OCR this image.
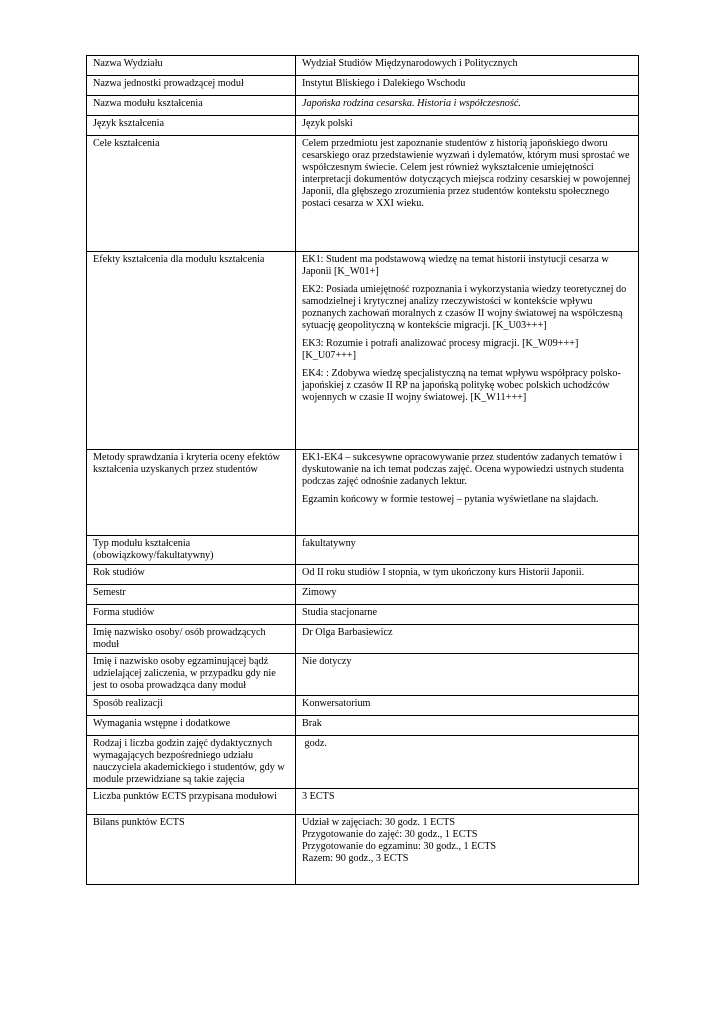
Nazwa Wydziału	Wydział Studiów Międzynarodowych i Politycznych
Nazwa jednostki prowadzącej moduł	Instytut Bliskiego i Dalekiego Wschodu
Nazwa modułu kształcenia	Japońska rodzina cesarska. Historia i współczesność.
Język kształcenia	Język polski
Cele kształcenia	Celem przedmiotu jest zapoznanie studentów z historią japońskiego dworu cesarskiego oraz przedstawienie wyzwań i dylematów, którym musi sprostać we współczesnym świecie. Celem jest również wykształcenie umiejętności interpretacji dokumentów dotyczących miejsca rodziny cesarskiej w powojennej Japonii, dla głębszego zrozumienia przez studentów kontekstu społecznego postaci cesarza w XXI wieku.
Efekty kształcenia dla modułu kształcenia	EK1: Student ma podstawową wiedzę na temat historii instytucji cesarza w Japonii [K_W01+]
EK2: Posiada umiejętność rozpoznania i wykorzystania wiedzy teoretycznej do samodzielnej i krytycznej analizy rzeczywistości w kontekście wpływu poznanych zachowań moralnych z czasów II wojny światowej na współczesną sytuację geopolityczną w kontekście migracji. [K_U03+++]
EK3: Rozumie i potrafi analizować procesy migracji. [K_W09+++] [K_U07+++]
EK4: : Zdobywa wiedzę specjalistyczną na temat wpływu współpracy polsko-japońskiej z czasów II RP na japońską politykę wobec polskich uchodźców wojennych w czasie II wojny światowej. [K_W11+++]

Metody sprawdzania i kryteria oceny efektów kształcenia uzyskanych przez studentów	EK1-EK4 – sukcesywne opracowywanie przez studentów zadanych tematów i dyskutowanie na ich temat podczas zajęć. Ocena wypowiedzi ustnych studenta podczas zajęć odnośnie zadanych lektur.
Egzamin końcowy w formie testowej – pytania wyświetlane na slajdach.

Typ modułu kształcenia (obowiązkowy/fakultatywny)	fakultatywny
Rok studiów	Od II roku studiów I stopnia, w tym ukończony kurs Historii Japonii.
Semestr	Zimowy
Forma studiów	Studia stacjonarne
Imię nazwisko osoby/ osób prowadzących moduł	Dr Olga Barbasiewicz
Imię i nazwisko osoby egzaminującej bądź udzielającej zaliczenia, w przypadku gdy nie jest to osoba prowadząca dany moduł	Nie dotyczy
Sposób realizacji	Konwersatorium
Wymagania wstępne i dodatkowe	Brak
Rodzaj i liczba godzin zajęć dydaktycznych wymagających bezpośredniego udziału nauczyciela akademickiego i studentów, gdy w module przewidziane są takie zajęcia	godz.
Liczba punktów ECTS przypisana modułowi	3 ECTS
Bilans punktów ECTS	Udział w zajęciach: 30 godz. 1 ECTS
Przygotowanie do zajęć: 30 godz., 1 ECTS
Przygotowanie do egzaminu: 30 godz., 1 ECTS
Razem: 90 godz., 3 ECTS
